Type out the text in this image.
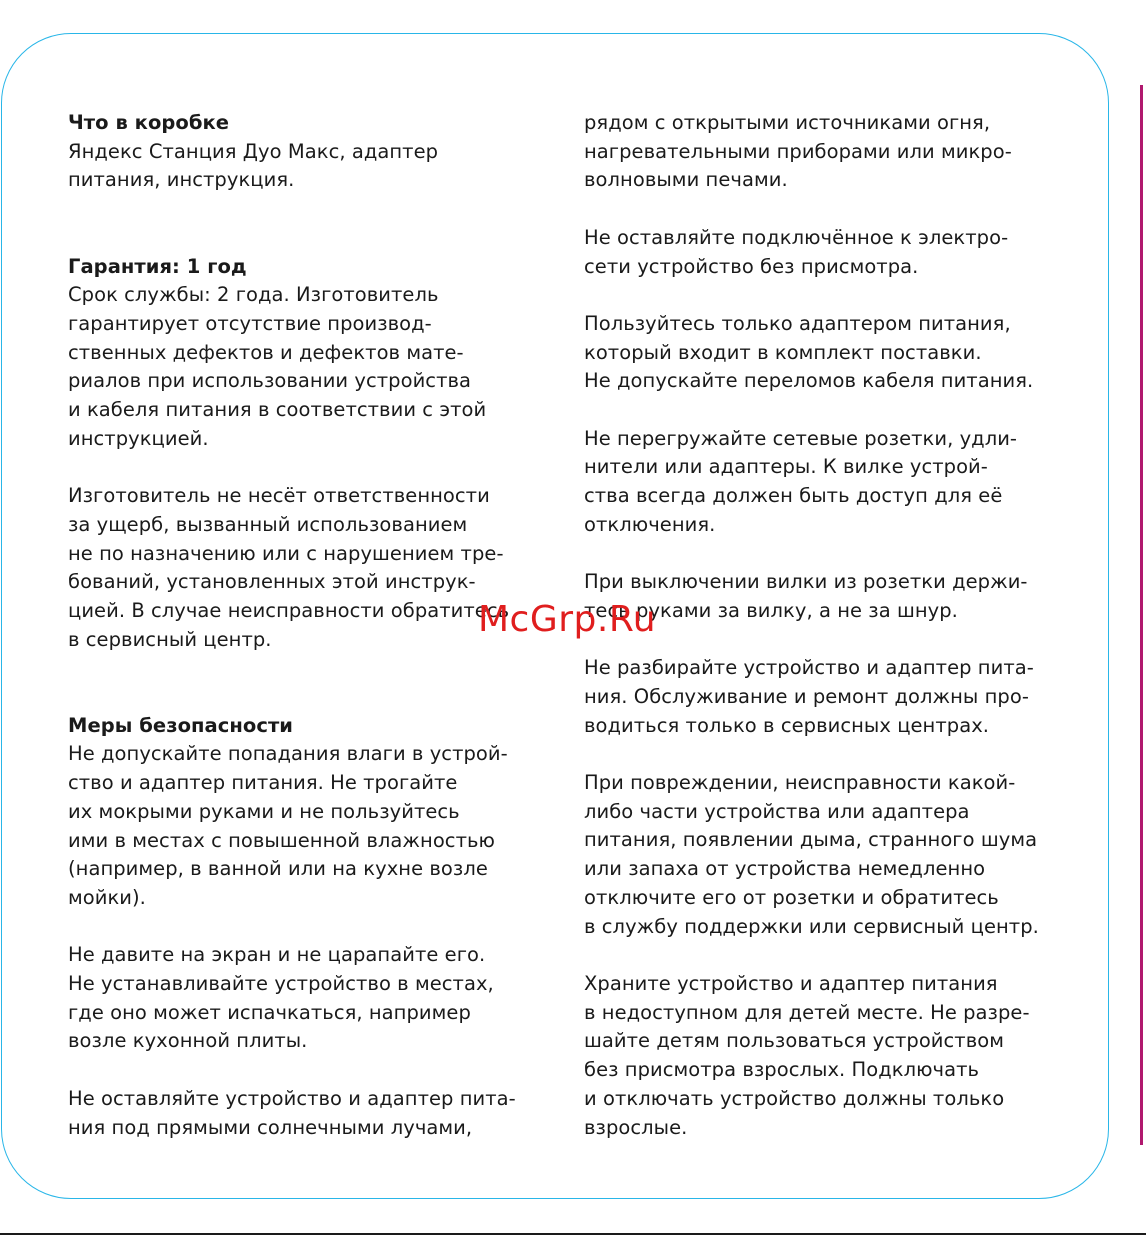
Что в коробке
Яндекс Станция Дуо Макс, адаптер
питания, инструкция.
Гарантия: 1 год
Срок службы: 2 года. Изготовитель
гарантирует отсутствие производ-
ственных дефектов и дефектов мате-
риалов при использовании устройства
и кабеля питания в соответствии с этой
инструкцией.
Изготовитель не несёт ответственности
за ущерб, вызванный использованием
не по назначению или с нарушением тре-
бований, установленных этой инструк-
цией. В случае неисправности обратитесь
в сервисный центр.
Меры безопасности
Не допускайте попадания влаги в устрой-
ство и адаптер питания. Не трогайте
их мокрыми руками и не пользуйтесь
ими в местах с повышенной влажностью
(например, в ванной или на кухне возле
мойки).
Не давите на экран и не царапайте его.
Не устанавливайте устройство в местах,
где оно может испачкаться, например
возле кухонной плиты.
Не оставляйте устройство и адаптер пита-
ния под прямыми солнечными лучами,
рядом с открытыми источниками огня,
нагревательными приборами или микро-
волновыми печами.
Не оставляйте подключённое к электро-
сети устройство без присмотра.
Пользуйтесь только адаптером питания,
который входит в комплект поставки.
Не допускайте переломов кабеля питания.
Не перегружайте сетевые розетки, удли-
нители или адаптеры. К вилке устрой-
ства всегда должен быть доступ для её
отключения.
При выключении вилки из розетки держи-
тесь руками за вилку, а не за шнур.
Не разбирайте устройство и адаптер пита-
ния. Обслуживание и ремонт должны про-
водиться только в сервисных центрах.
При повреждении, неисправности какой-
либо части устройства или адаптера
питания, появлении дыма, странного шума
или запаха от устройства немедленно
отключите его от розетки и обратитесь
в службу поддержки или сервисный центр.
Храните устройство и адаптер питания
в недоступном для детей месте. Не разре-
шайте детям пользоваться устройством
без присмотра взрослых. Подключать
и отключать устройство должны только
взрослые.
McGrp.Ru
